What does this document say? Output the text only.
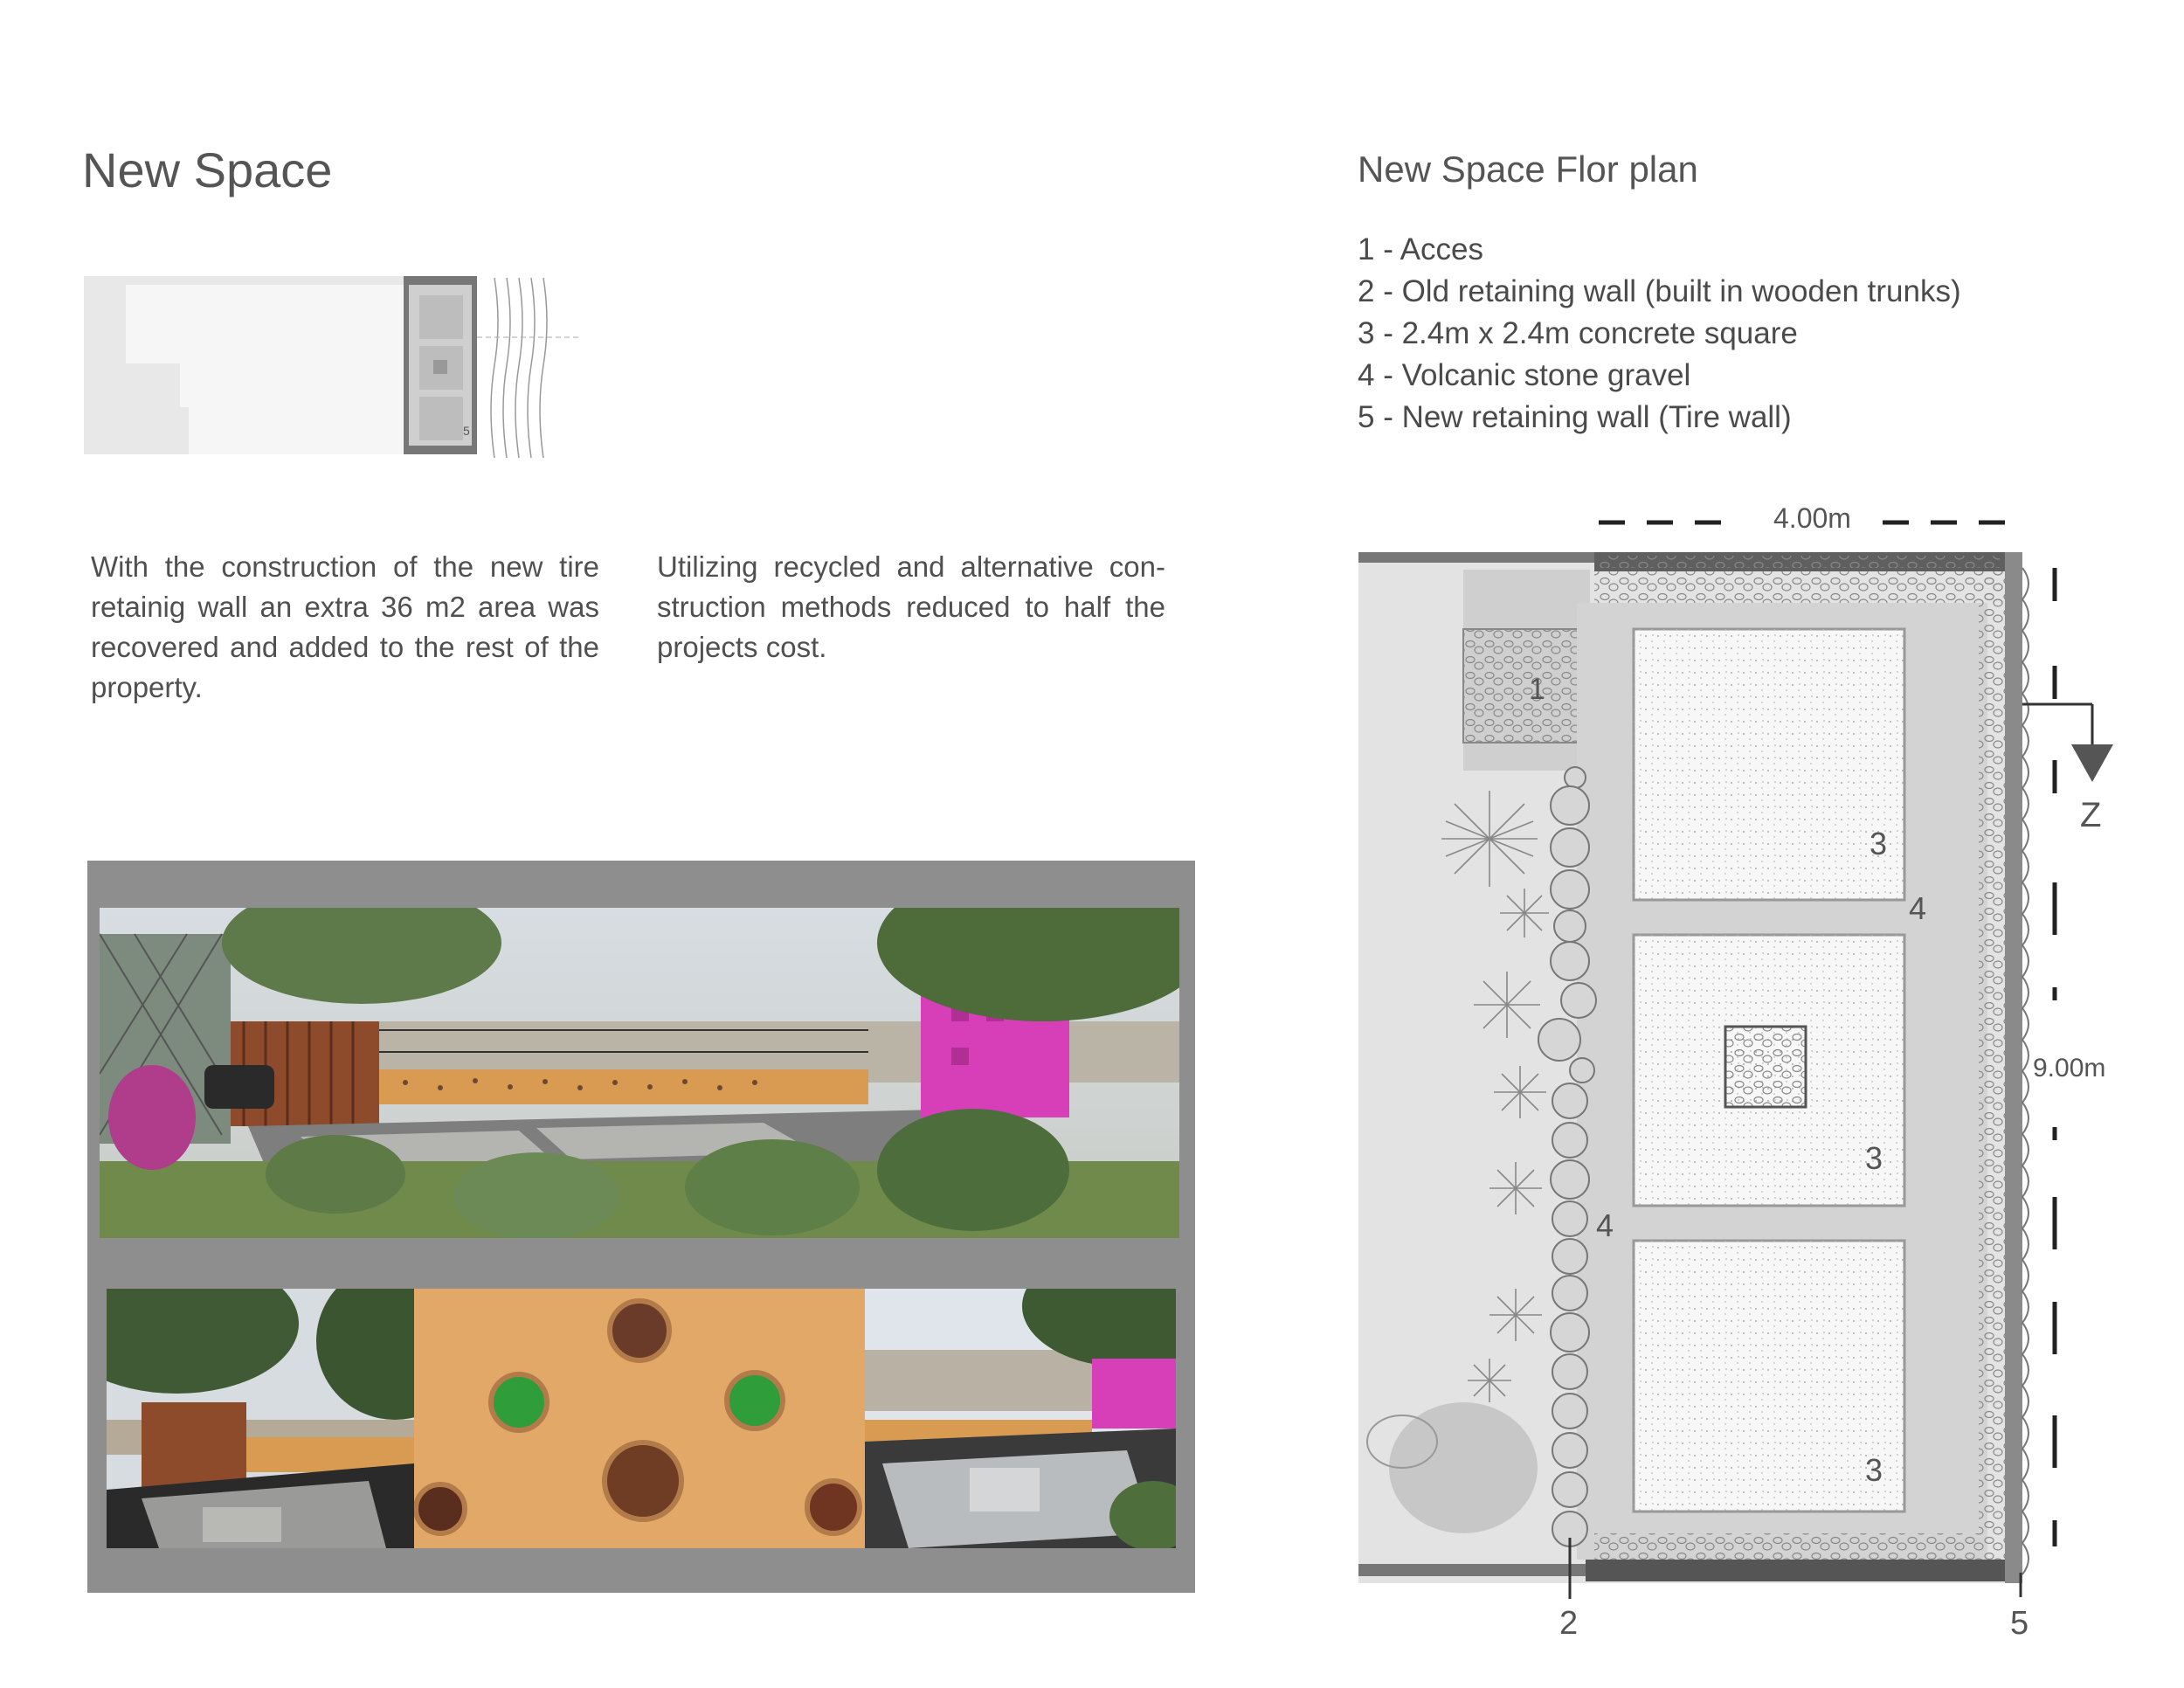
New Space
5
With the construction of the new tire retainig wall an extra 36 m2 area was recovered and added to the rest of the property.
Utilizing recycled and alternative con-struction methods reduced to half the projects cost.
New Space Flor plan
1 - Acces
2 - Old retaining wall (built in wooden trunks)
3 - 2.4m x 2.4m concrete square
4 - Volcanic stone gravel
5 - New retaining wall (Tire wall)
4.00m
1
3
3
3
4
4
9.00m
Z
2	5
